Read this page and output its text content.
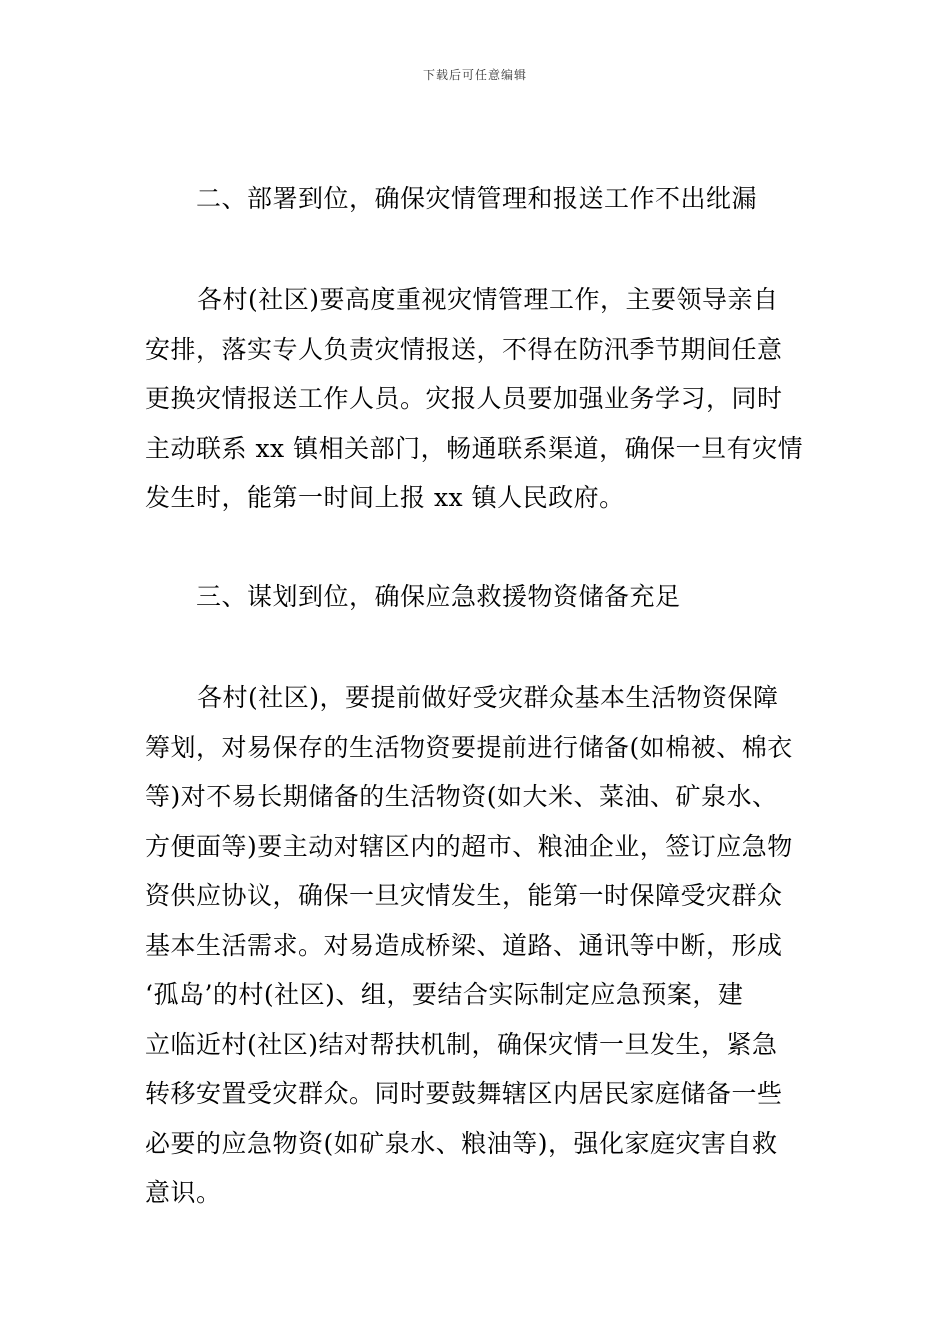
下载后可任意编辑
二、部署到位，确保灾情管理和报送工作不出纰漏
各村(社区)要高度重视灾情管理工作，主要领导亲自
安排，落实专人负责灾情报送，不得在防汛季节期间任意
更换灾情报送工作人员。灾报人员要加强业务学习，同时
主动联系 xx 镇相关部门，畅通联系渠道，确保一旦有灾情
发生时，能第一时间上报 xx 镇人民政府。
三、谋划到位，确保应急救援物资储备充足
各村(社区)，要提前做好受灾群众基本生活物资保障
筹划，对易保存的生活物资要提前进行储备(如棉被、棉衣
等)对不易长期储备的生活物资(如大米、菜油、矿泉水、
方便面等)要主动对辖区内的超市、粮油企业，签订应急物
资供应协议，确保一旦灾情发生，能第一时保障受灾群众
基本生活需求。对易造成桥梁、道路、通讯等中断，形成
‘孤岛’的村(社区)、组，要结合实际制定应急预案，建
立临近村(社区)结对帮扶机制，确保灾情一旦发生，紧急
转移安置受灾群众。同时要鼓舞辖区内居民家庭储备一些
必要的应急物资(如矿泉水、粮油等)，强化家庭灾害自救
意识。
